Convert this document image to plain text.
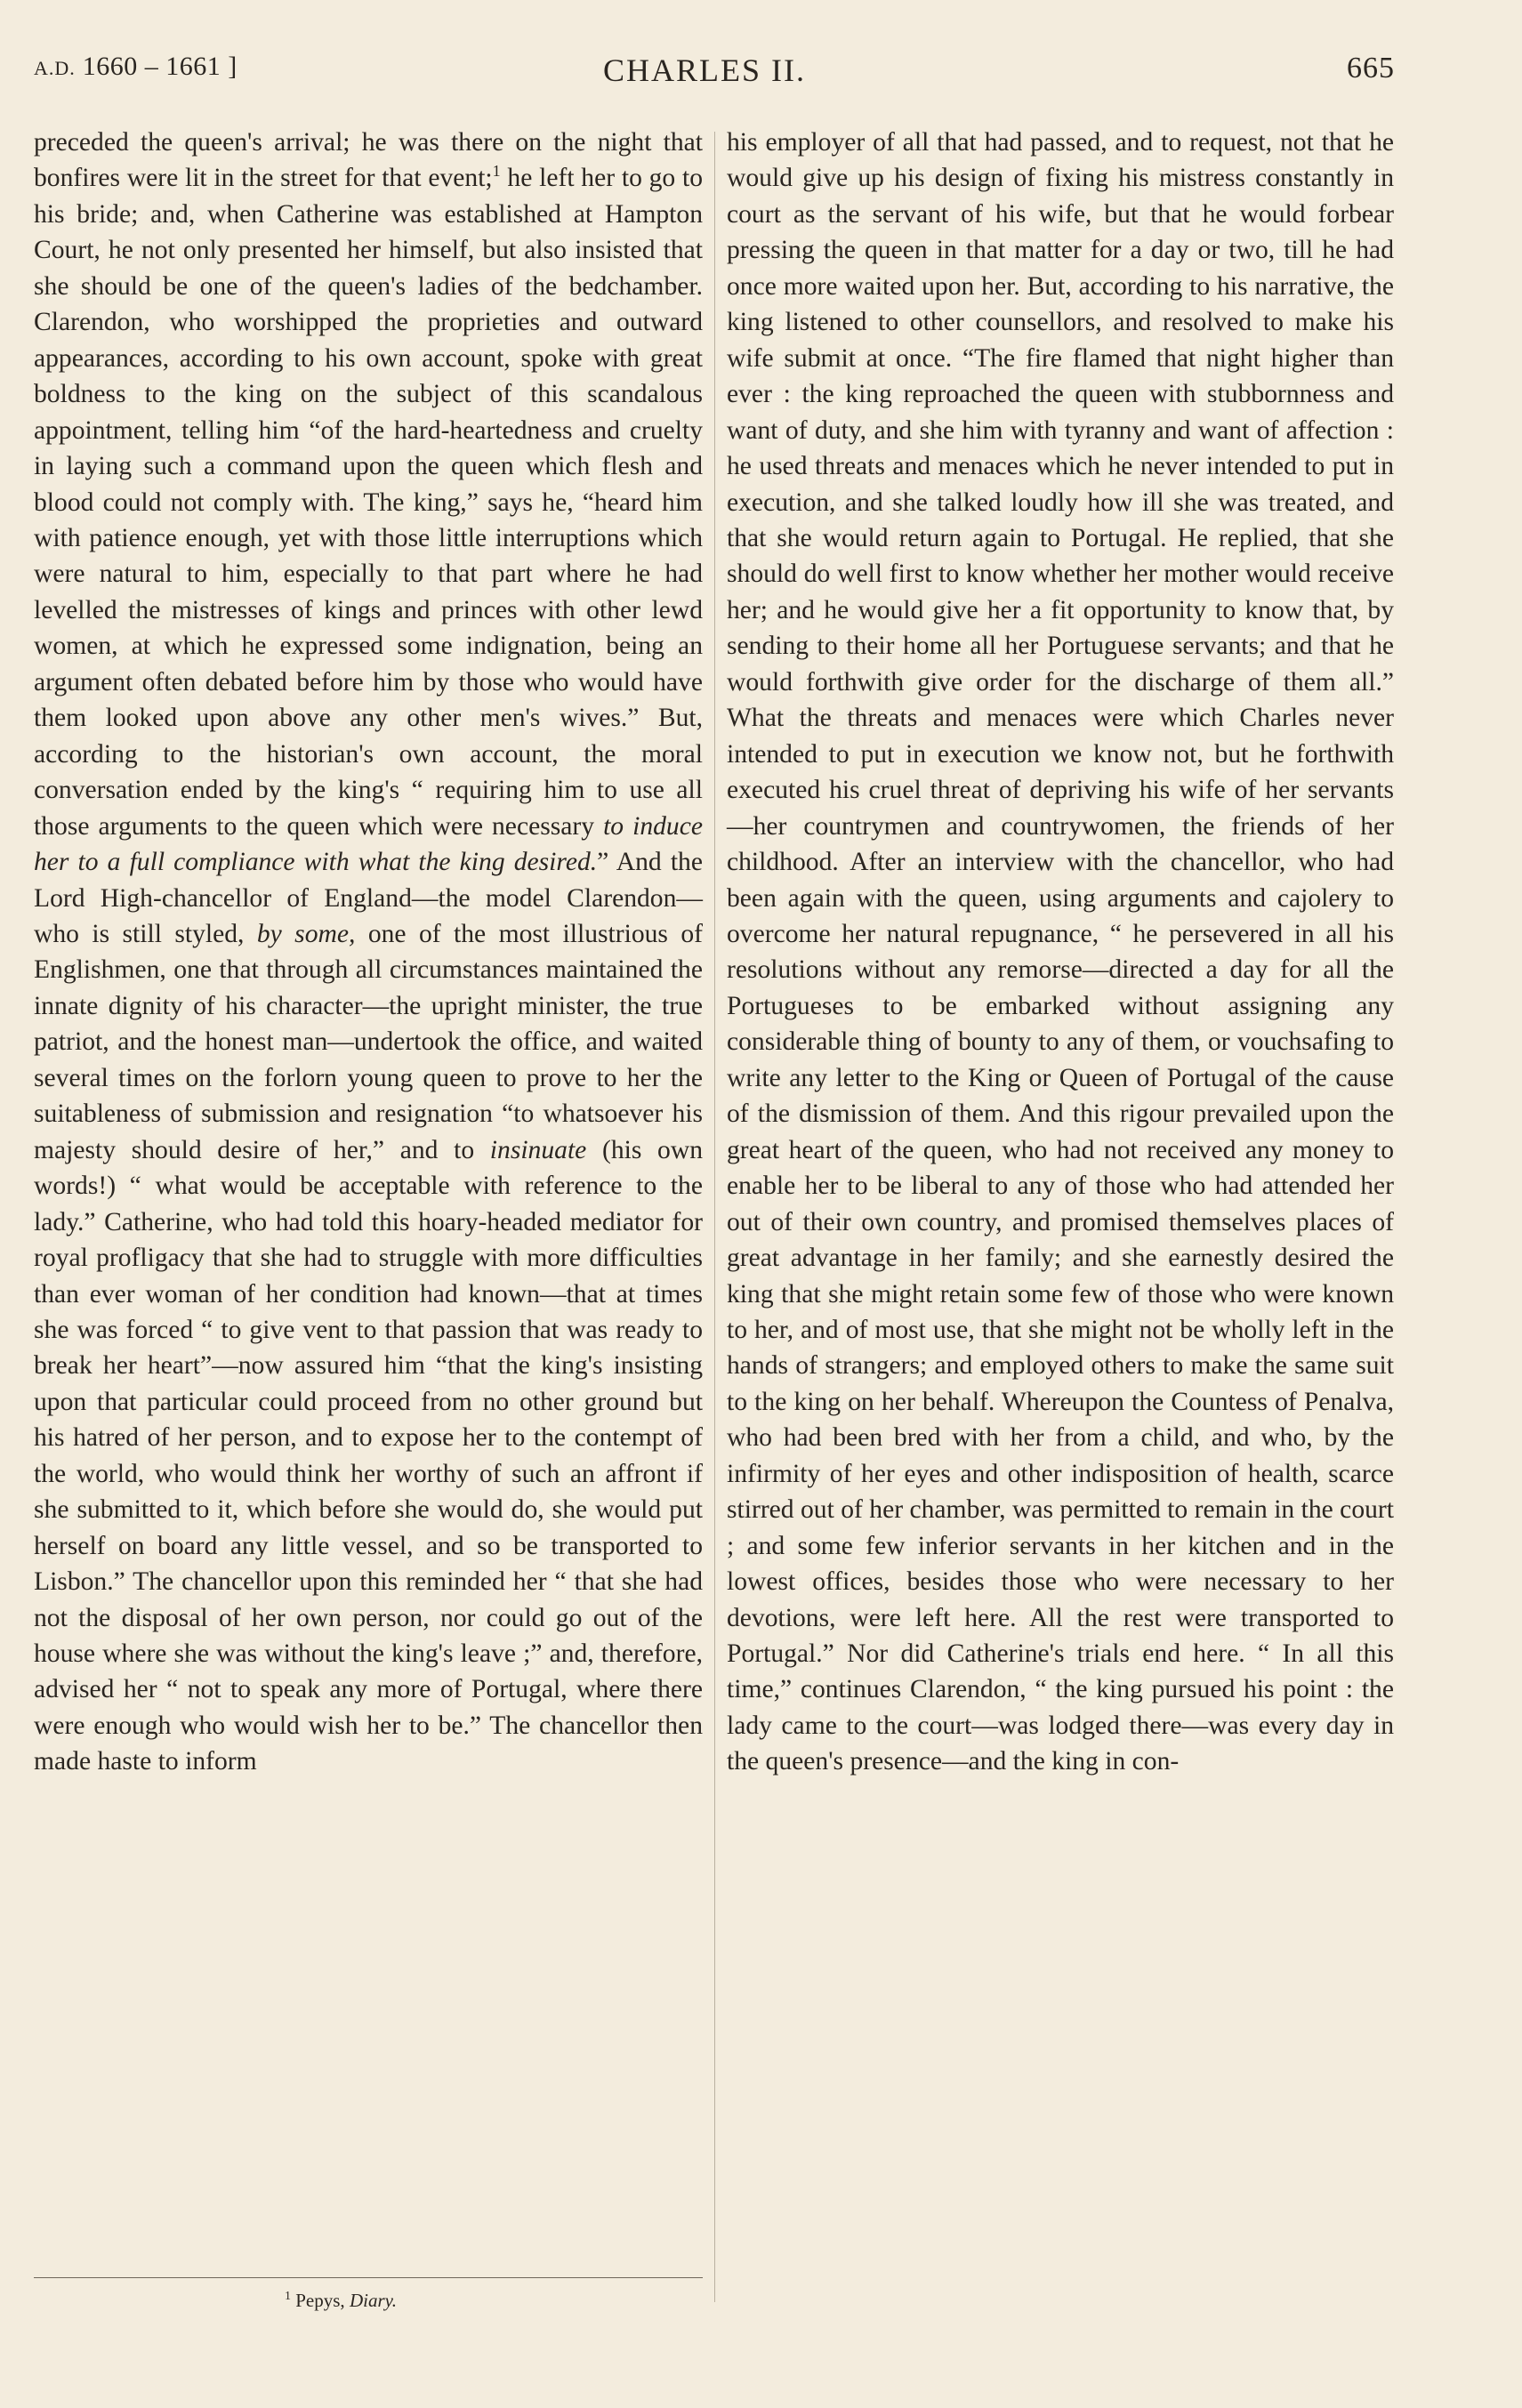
A.D. 1660 – 1661 ]	CHARLES II.	665

preceded the queen's arrival; he was there on the night that bonfires were lit in the street for that event;$^1$ he left her to go to his bride; and, when Catherine was established at Hampton Court, he not only presented her himself, but also insisted that she should be one of the queen's ladies of the bedchamber. Clarendon, who worshipped the proprieties and outward appearances, according to his own account, spoke with great boldness to the king on the subject of this scandalous appointment, telling him “of the hard-heartedness and cruelty in laying such a command upon the queen which flesh and blood could not comply with. The king,” says he, “heard him with patience enough, yet with those little interruptions which were natural to him, especially to that part where he had levelled the mistresses of kings and princes with other lewd women, at which he expressed some indignation, being an argument often debated before him by those who would have them looked upon above any other men's wives.” But, according to the historian's own account, the moral conversation ended by the king's “ requiring him to use all those arguments to the queen which were necessary to induce her to a full compliance with what the king desired.” And the Lord High-chancellor of England—the model Clarendon—who is still styled, by some, one of the most illustrious of Englishmen, one that through all circumstances maintained the innate dignity of his character—the upright minister, the true patriot, and the honest man—undertook the office, and waited several times on the forlorn young queen to prove to her the suitableness of submission and resignation “to whatsoever his majesty should desire of her,” and to insinuate (his own words!) “ what would be acceptable with reference to the lady.” Catherine, who had told this hoary-headed mediator for royal profligacy that she had to struggle with more difficulties than ever woman of her condition had known—that at times she was forced “ to give vent to that passion that was ready to break her heart”—now assured him “that the king's insisting upon that particular could proceed from no other ground but his hatred of her person, and to expose her to the contempt of the world, who would think her worthy of such an affront if she submitted to it, which before she would do, she would put herself on board any little vessel, and so be transported to Lisbon.” The chancellor upon this reminded her “ that she had not the disposal of her own person, nor could go out of the house where she was without the king's leave ;” and, therefore, advised her “ not to speak any more of Portugal, where there were enough who would wish her to be.” The chancellor then made haste to inform

his employer of all that had passed, and to request, not that he would give up his design of fixing his mistress constantly in court as the servant of his wife, but that he would forbear pressing the queen in that matter for a day or two, till he had once more waited upon her. But, according to his narrative, the king listened to other counsellors, and resolved to make his wife submit at once. “The fire flamed that night higher than ever : the king reproached the queen with stubbornness and want of duty, and she him with tyranny and want of affection : he used threats and menaces which he never intended to put in execution, and she talked loudly how ill she was treated, and that she would return again to Portugal. He replied, that she should do well first to know whether her mother would receive her; and he would give her a fit opportunity to know that, by sending to their home all her Portuguese servants; and that he would forthwith give order for the discharge of them all.” What the threats and menaces were which Charles never intended to put in execution we know not, but he forthwith executed his cruel threat of depriving his wife of her servants—her countrymen and countrywomen, the friends of her childhood. After an interview with the chancellor, who had been again with the queen, using arguments and cajolery to overcome her natural repugnance, “ he persevered in all his resolutions without any remorse—directed a day for all the Portugueses to be embarked without assigning any considerable thing of bounty to any of them, or vouchsafing to write any letter to the King or Queen of Portugal of the cause of the dismission of them. And this rigour prevailed upon the great heart of the queen, who had not received any money to enable her to be liberal to any of those who had attended her out of their own country, and promised themselves places of great advantage in her family; and she earnestly desired the king that she might retain some few of those who were known to her, and of most use, that she might not be wholly left in the hands of strangers; and employed others to make the same suit to the king on her behalf. Whereupon the Countess of Penalva, who had been bred with her from a child, and who, by the infirmity of her eyes and other indisposition of health, scarce stirred out of her chamber, was permitted to remain in the court ; and some few inferior servants in her kitchen and in the lowest offices, besides those who were necessary to her devotions, were left here. All the rest were transported to Portugal.” Nor did Catherine's trials end here. “ In all this time,” continues Clarendon, “ the king pursued his point : the lady came to the court—was lodged there—was every day in the queen's presence—and the king in con-

$^1$ Pepys, Diary.
